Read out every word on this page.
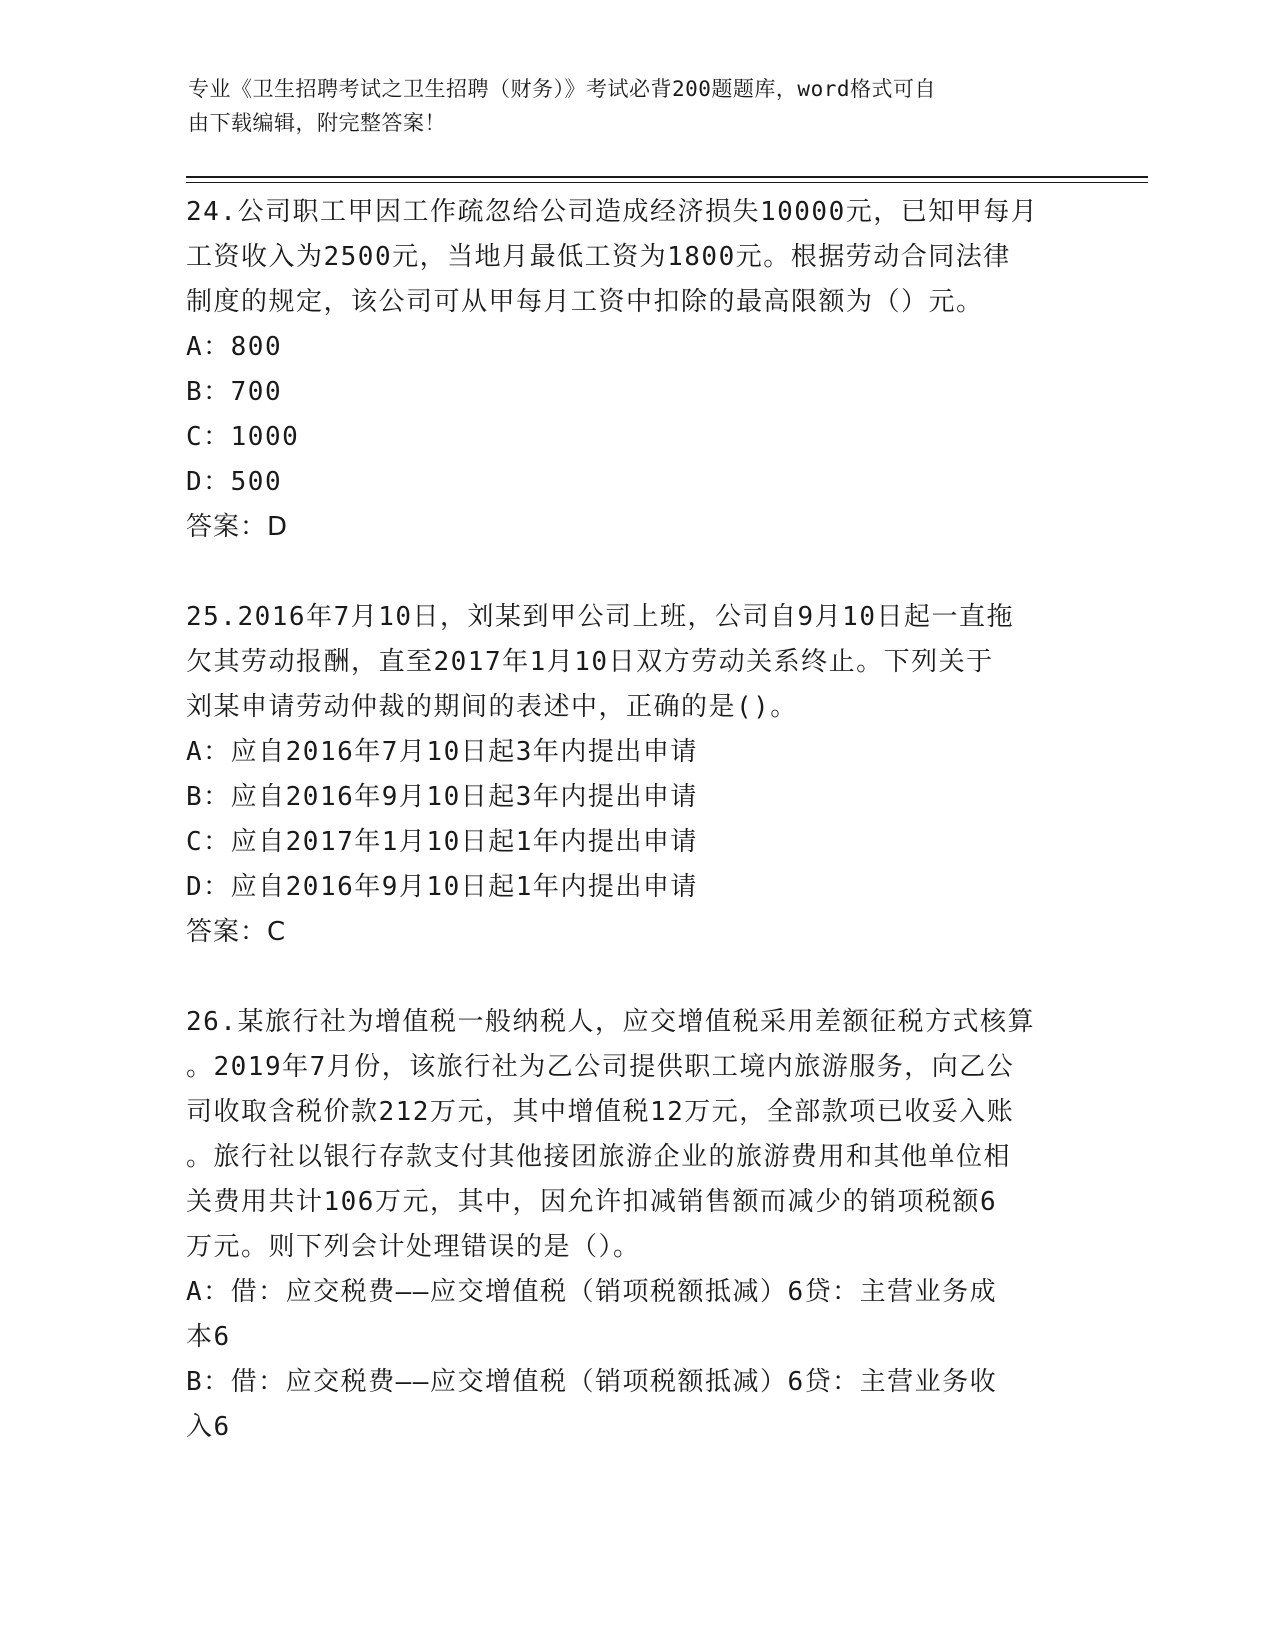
专业《卫生招聘考试之卫生招聘（财务）》考试必背200题题库，word格式可自
由下载编辑，附完整答案！
24.公司职工甲因工作疏忽给公司造成经济损失10000元，已知甲每月
工资收入为2500元，当地月最低工资为1800元。根据劳动合同法律
制度的规定，该公司可从甲每月工资中扣除的最高限额为（）元。
A：800
B：700
C：1000
D：500
答案：D
25.2016年7月10日，刘某到甲公司上班，公司自9月10日起一直拖
欠其劳动报酬，直至2017年1月10日双方劳动关系终止。下列关于
刘某申请劳动仲裁的期间的表述中，正确的是()。
A：应自2016年7月10日起3年内提出申请
B：应自2016年9月10日起3年内提出申请
C：应自2017年1月10日起1年内提出申请
D：应自2016年9月10日起1年内提出申请
答案：C
26.某旅行社为增值税一般纳税人，应交增值税采用差额征税方式核算
。2019年7月份，该旅行社为乙公司提供职工境内旅游服务，向乙公
司收取含税价款212万元，其中增值税12万元，全部款项已收妥入账
。旅行社以银行存款支付其他接团旅游企业的旅游费用和其他单位相
关费用共计106万元，其中，因允许扣减销售额而减少的销项税额6
万元。则下列会计处理错误的是（）。
A：借：应交税费——应交增值税（销项税额抵减）6贷：主营业务成
本6
B：借：应交税费——应交增值税（销项税额抵减）6贷：主营业务收
入6
